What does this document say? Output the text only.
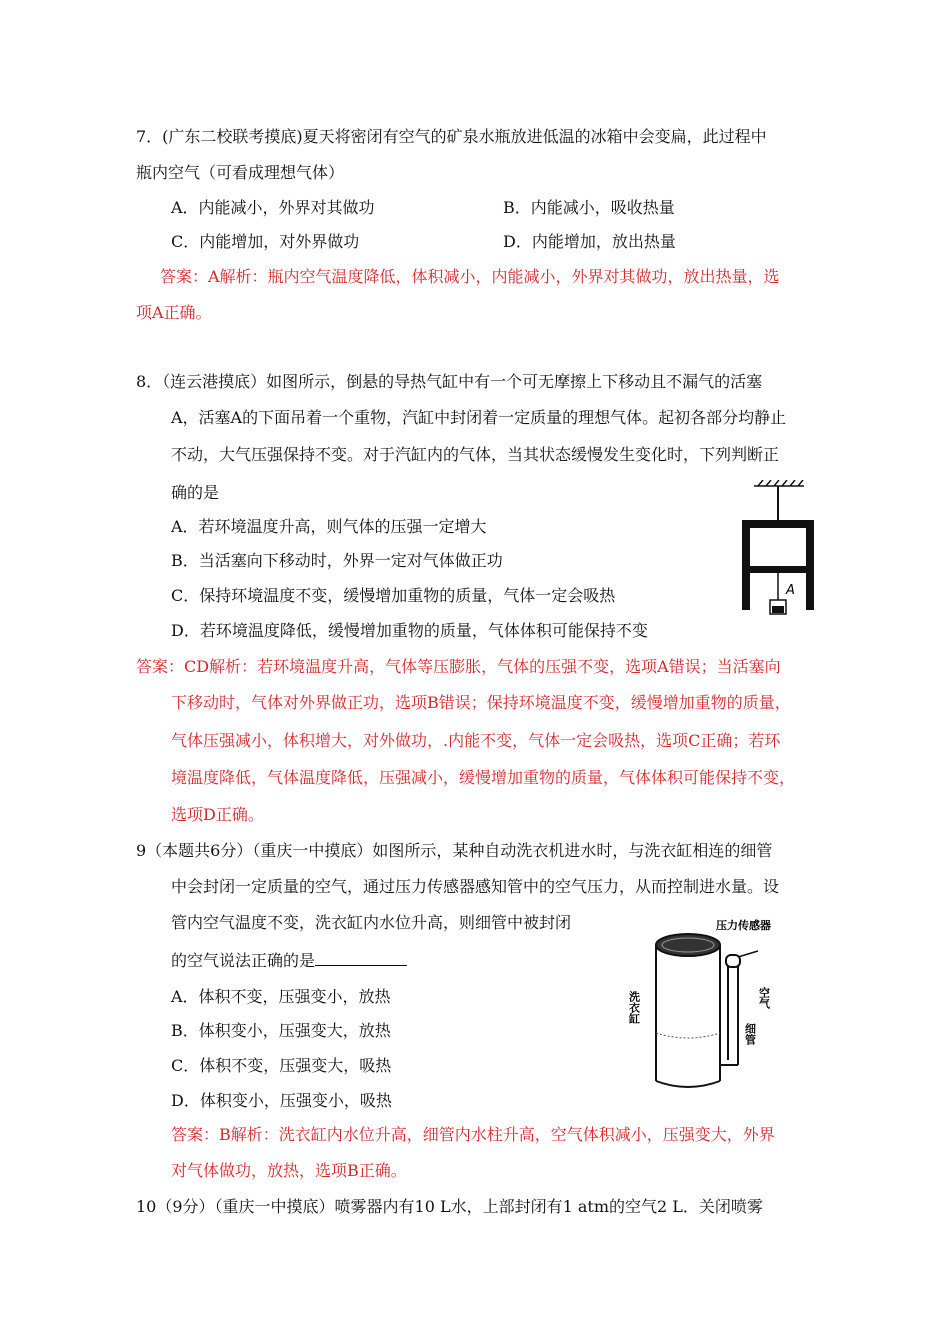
7．(广东二校联考摸底)夏天将密闭有空气的矿泉水瓶放进低温的冰箱中会变扁，此过程中
瓶内空气（可看成理想气体）
A．内能减小，外界对其做功	B．内能减小，吸收热量
C．内能增加，对外界做功	D．内能增加，放出热量
答案：A解析：瓶内空气温度降低，体积减小，内能减小，外界对其做功，放出热量，选
项A正确。
8．（连云港摸底）如图所示，倒悬的导热气缸中有一个可无摩擦上下移动且不漏气的活塞
A，活塞A的下面吊着一个重物，汽缸中封闭着一定质量的理想气体。起初各部分均静止
不动，大气压强保持不变。对于汽缸内的气体，当其状态缓慢发生变化时，下列判断正
确的是
A．若环境温度升高，则气体的压强一定增大
B．当活塞向下移动时，外界一定对气体做正功
C．保持环境温度不变，缓慢增加重物的质量，气体一定会吸热
D．若环境温度降低，缓慢增加重物的质量，气体体积可能保持不变
A
答案：CD解析：若环境温度升高，气体等压膨胀，气体的压强不变，选项A错误；当活塞向
下移动时，气体对外界做正功，选项B错误；保持环境温度不变，缓慢增加重物的质量，
气体压强减小，体积增大，对外做功，.内能不变，气体一定会吸热，选项C正确；若环
境温度降低，气体温度降低，压强减小，缓慢增加重物的质量，气体体积可能保持不变，
选项D正确。
9（本题共6分）（重庆一中摸底）如图所示，某种自动洗衣机进水时，与洗衣缸相连的细管
中会封闭一定质量的空气，通过压力传感器感知管中的空气压力，从而控制进水量。设
管内空气温度不变，洗衣缸内水位升高，则细管中被封闭
的空气说法正确的是
A．体积不变，压强变小，放热
B．体积变小，压强变大，放热
C．体积不变，压强变大，吸热
D．体积变小，压强变小，吸热
压力传感器
洗衣缸	空气
细管
答案：B解析：洗衣缸内水位升高，细管内水柱升高，空气体积减小，压强变大，外界
对气体做功，放热，选项B正确。
10（9分）（重庆一中摸底）喷雾器内有10 L水，上部封闭有1 atm的空气2 L．关闭喷雾
